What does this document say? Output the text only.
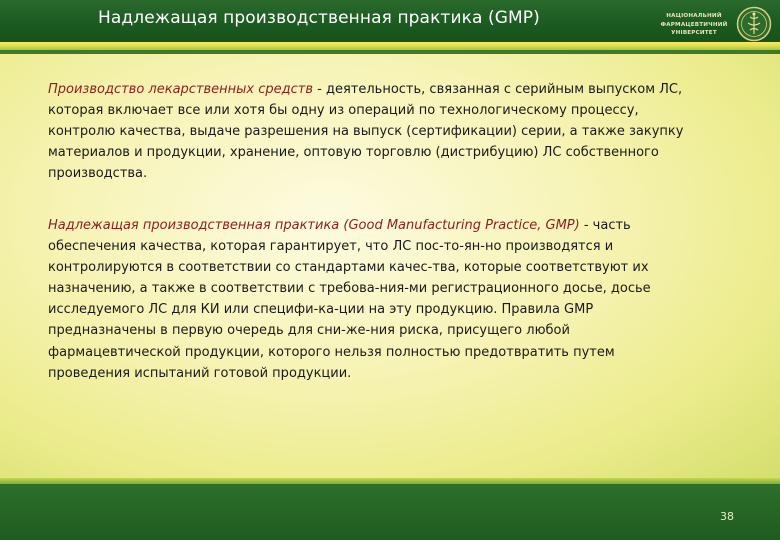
Надлежащая производственная практика (GMP)	НАЦІОНАЛЬНИЙ
ФАРМАЦЕВТИЧНИЙ
УНІВЕРСИТЕТ

Производство лекарственных средств - деятельность, связанная с серийным выпуском ЛС, которая включает все или хотя бы одну из операций по технологическому процессу, контролю качества, выдаче разрешения на выпуск (сертификации) серии, а также закупку материалов и продукции, хранение, оптовую торговлю (дистрибуцию) ЛС собственного производства.

Надлежащая производственная практика (Good Manufacturing Practice, GMP) - часть обеспечения качества, которая гарантирует, что ЛС пос-то-ян-но производятся и контролируются в соответствии со стандартами качес-тва, которые соответствуют их назначению, а также в соответствии с требова-ния-ми регистрационного досье, досье исследуемого ЛС для КИ или специфи-ка-ции на эту продукцию. Правила GMP предназначены в первую очередь для сни-же-ния риска, присущего любой фармацевтической продукции, которого нельзя полностью предотвратить путем проведения испытаний готовой продукции.

38
